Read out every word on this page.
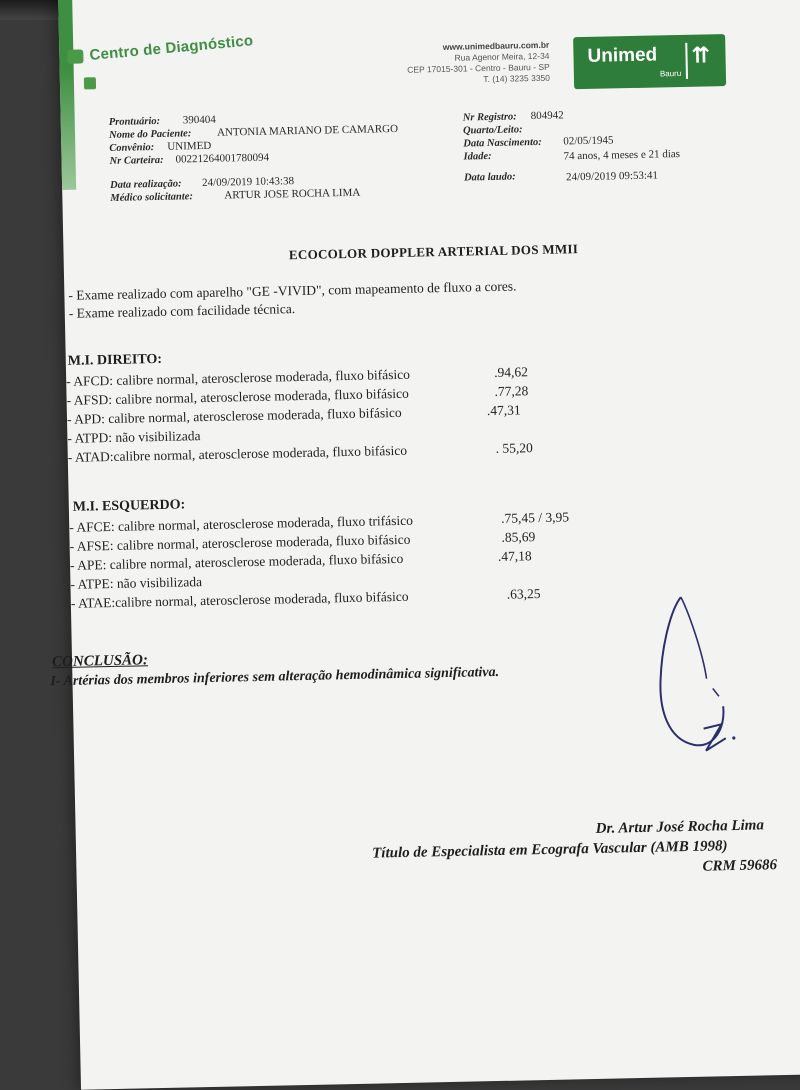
Centro de Diagnóstico	www.unimedbauru.com.br
Rua Agenor Meira, 12-34
CEP 17015-301 - Centro - Bauru - SP
T. (14) 3235 3350
Unimed
Bauru
⇈
Prontuário: 390404
Nome do Paciente: ANTONIA MARIANO DE CAMARGO
Convênio: UNIMED
Nr Carteira: 00221264001780094
Data realização: 24/09/2019 10:43:38
Médico solicitante:	ARTUR JOSE ROCHA LIMA
Nr Registro: 804942
Quarto/Leito:
Data Nascimento: 02/05/1945
Idade:	74 anos, 4 meses e 21 dias
Data laudo:	24/09/2019 09:53:41
ECOCOLOR DOPPLER ARTERIAL DOS MMII
- Exame realizado com aparelho "GE -VIVID", com mapeamento de fluxo a cores.
- Exame realizado com facilidade técnica.
M.I. DIREITO:
- AFCD: calibre normal, aterosclerose moderada, fluxo bifásico	.94,62
- AFSD: calibre normal, aterosclerose moderada, fluxo bifásico	.77,28
- APD: calibre normal, aterosclerose moderada, fluxo bifásico	.47,31
- ATPD: não visibilizada
- ATAD:calibre normal, aterosclerose moderada, fluxo bifásico	. 55,20
M.I. ESQUERDO:
- AFCE: calibre normal, aterosclerose moderada, fluxo trifásico	.75,45 / 3,95
- AFSE: calibre normal, aterosclerose moderada, fluxo bifásico	.85,69
- APE: calibre normal, aterosclerose moderada, fluxo bifásico	.47,18
- ATPE: não visibilizada
- ATAE:calibre normal, aterosclerose moderada, fluxo bifásico	.63,25
CONCLUSÃO:
I- Artérias dos membros inferiores sem alteração hemodinâmica significativa.
Dr. Artur José Rocha Lima
Título de Especialista em Ecografa Vascular (AMB 1998)
CRM 59686
